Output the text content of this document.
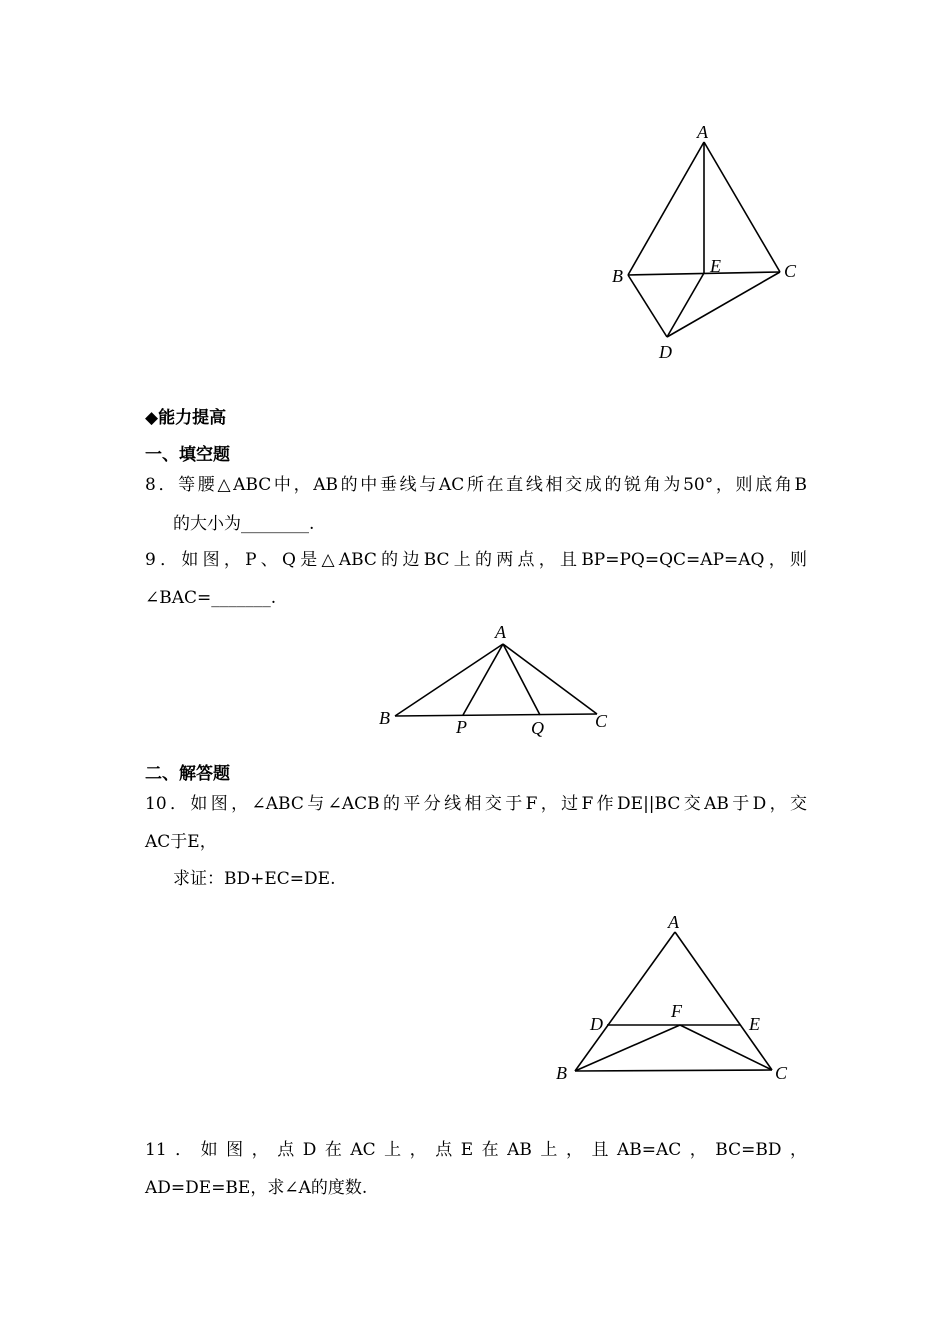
A
B	C
D
E
◆能力提高
一、填空题
8．等腰△ABC中，AB的中垂线与AC所在直线相交成的锐角为50°，则底角B
的大小为________.
9．如图，P、Q是△ABC的边BC上的两点，且BP=PQ=QC=AP=AQ，则
∠BAC=_______.
A
B	C
P	Q
二、解答题
10．如图，∠ABC与∠ACB的平分线相交于F，过F作DE||BC交AB于D，交
AC于E，
求证：BD+EC=DE.
A
B	C
D	E
F
11．如图，点D在AC上，点E在AB上，且AB=AC，BC=BD，
AD=DE=BE，求∠A的度数.
